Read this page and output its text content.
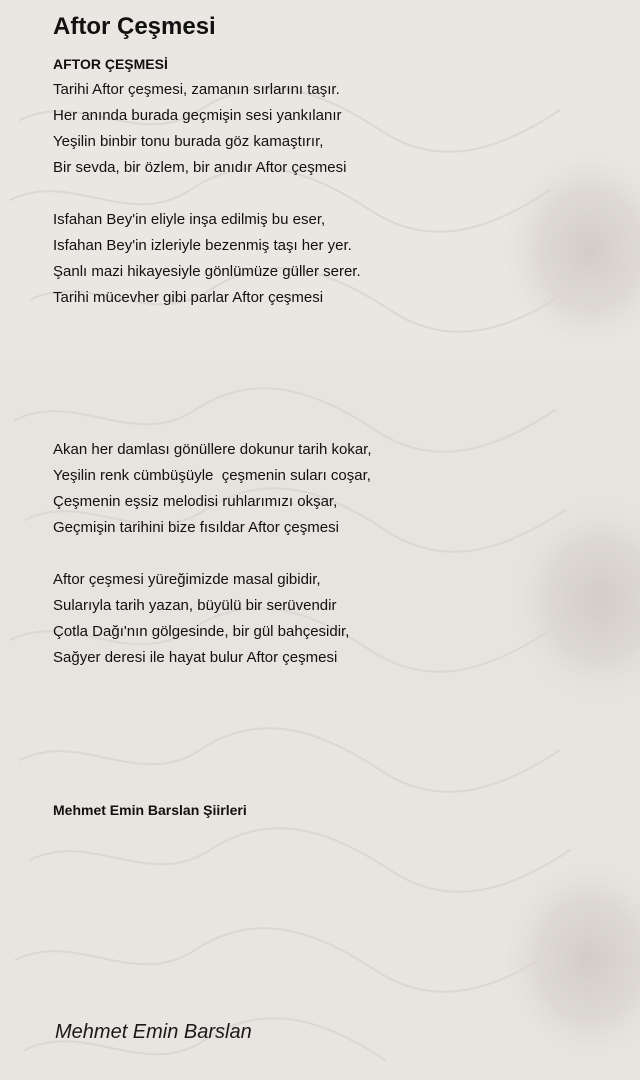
Aftor Çeşmesi
AFTOR ÇEŞMESİ
Tarihi Aftor çeşmesi, zamanın sırlarını taşır.
Her anında burada geçmişin sesi yankılanır
Yeşilin binbir tonu burada göz kamaştırır,
Bir sevda, bir özlem, bir anıdır Aftor çeşmesi
Isfahan Bey'in eliyle inşa edilmiş bu eser,
Isfahan Bey'in izleriyle bezenmiş taşı her yer.
Şanlı mazi hikayesiyle gönlümüze güller serer.
Tarihi mücevher gibi parlar Aftor çeşmesi
Akan her damlası gönüllere dokunur tarih kokar,
Yeşilin renk cümbüşüyle  çeşmenin suları coşar,
Çeşmenin eşsiz melodisi ruhlarımızı okşar,
Geçmişin tarihini bize fısıldar Aftor çeşmesi
Aftor çeşmesi yüreğimizde masal gibidir,
Sularıyla tarih yazan, büyülü bir serüvendir
Çotla Dağı'nın gölgesinde, bir gül bahçesidir,
Sağyer deresi ile hayat bulur Aftor çeşmesi
Mehmet Emin Barslan Şiirleri
Mehmet Emin Barslan
